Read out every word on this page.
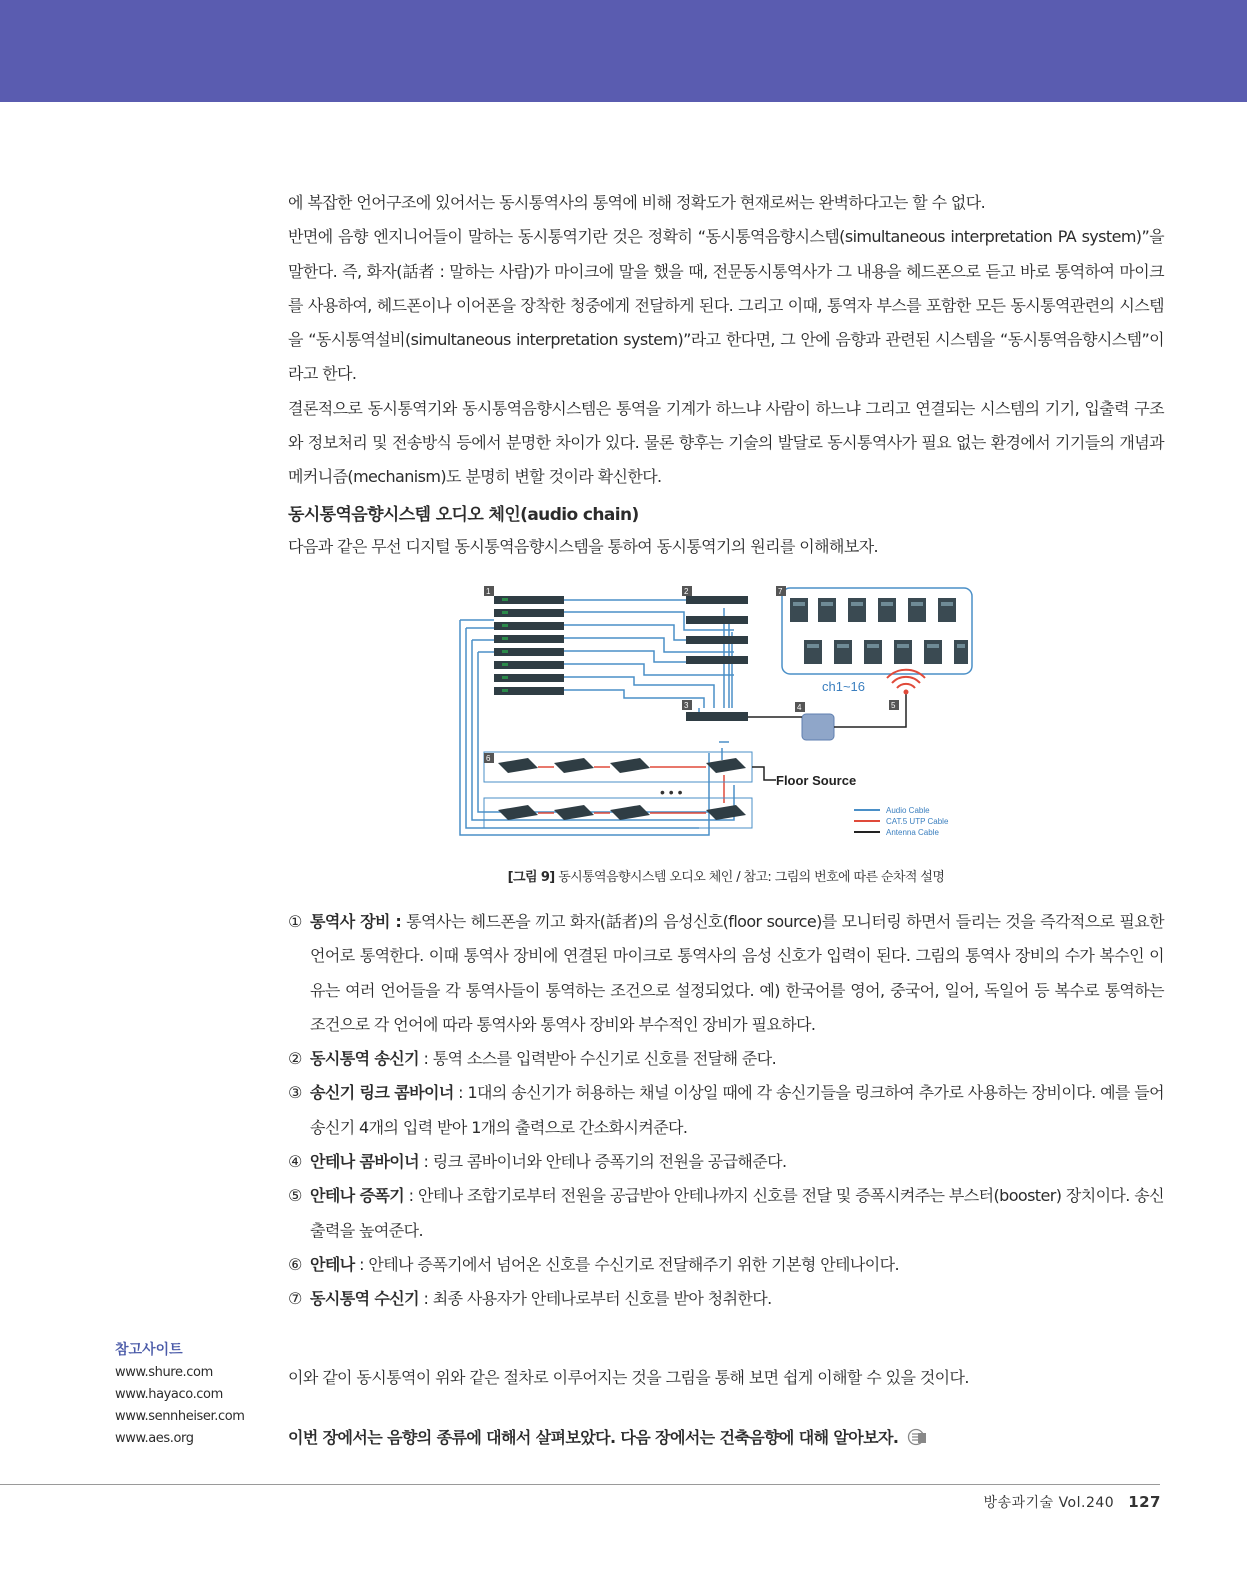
에 복잡한 언어구조에 있어서는 동시통역사의 통역에 비해 정확도가 현재로써는 완벽하다고는 할 수 없다.
반면에 음향 엔지니어들이 말하는 동시통역기란 것은 정확히 “동시통역음향시스템(simultaneous interpretation PA system)”을 말한다. 즉, 화자(話者 : 말하는 사람)가 마이크에 말을 했을 때, 전문동시통역사가 그 내용을 헤드폰으로 듣고 바로 통역하여 마이크를 사용하여, 헤드폰이나 이어폰을 장착한 청중에게 전달하게 된다. 그리고 이때, 통역자 부스를 포함한 모든 동시통역관련의 시스템을 “동시통역설비(simultaneous interpretation system)”라고 한다면, 그 안에 음향과 관련된 시스템을 “동시통역음향시스템”이라고 한다.
결론적으로 동시통역기와 동시통역음향시스템은 통역을 기계가 하느냐 사람이 하느냐 그리고 연결되는 시스템의 기기, 입출력 구조와 정보처리 및 전송방식 등에서 분명한 차이가 있다. 물론 향후는 기술의 발달로 동시통역사가 필요 없는 환경에서 기기들의 개념과 메커니즘(mechanism)도 분명히 변할 것이라 확신한다.

동시통역음향시스템 오디오 체인(audio chain)

다음과 같은 무선 디지털 동시통역음향시스템을 통하여 동시통역기의 원리를 이해해보자.

ch1~16
• • •
Floor Source
Audio Cable
CAT.5 UTP Cable
Antenna Cable
1	2
3	4	5
6
7
[그림 9] 동시통역음향시스템 오디오 체인 / 참고: 그림의 번호에 따른 순차적 설명
① 통역사 장비 : 통역사는 헤드폰을 끼고 화자(話者)의 음성신호(floor source)를 모니터링 하면서 들리는 것을 즉각적으로 필요한 언어로 통역한다. 이때 통역사 장비에 연결된 마이크로 통역사의 음성 신호가 입력이 된다. 그림의 통역사 장비의 수가 복수인 이유는 여러 언어들을 각 통역사들이 통역하는 조건으로 설정되었다. 예) 한국어를 영어, 중국어, 일어, 독일어 등 복수로 통역하는 조건으로 각 언어에 따라 통역사와 통역사 장비와 부수적인 장비가 필요하다.
② 동시통역 송신기 : 통역 소스를 입력받아 수신기로 신호를 전달해 준다.
③ 송신기 링크 콤바이너 : 1대의 송신기가 허용하는 채널 이상일 때에 각 송신기들을 링크하여 추가로 사용하는 장비이다. 예를 들어 송신기 4개의 입력 받아 1개의 출력으로 간소화시켜준다.
④ 안테나 콤바이너 : 링크 콤바이너와 안테나 증폭기의 전원을 공급해준다.
⑤ 안테나 증폭기 : 안테나 조합기로부터 전원을 공급받아 안테나까지 신호를 전달 및 증폭시켜주는 부스터(booster) 장치이다. 송신출력을 높여준다.
⑥ 안테나 : 안테나 증폭기에서 넘어온 신호를 수신기로 전달해주기 위한 기본형 안테나이다.
⑦ 동시통역 수신기 : 최종 사용자가 안테나로부터 신호를 받아 청취한다.

참고사이트

www.shure.com
www.hayaco.com
www.sennheiser.com
www.aes.org

이와 같이 동시통역이 위와 같은 절차로 이루어지는 것을 그림을 통해 보면 쉽게 이해할 수 있을 것이다.

이번 장에서는 음향의 종류에 대해서 살펴보았다. 다음 장에서는 건축음향에 대해 알아보자.

방송과기술 Vol.240 127
